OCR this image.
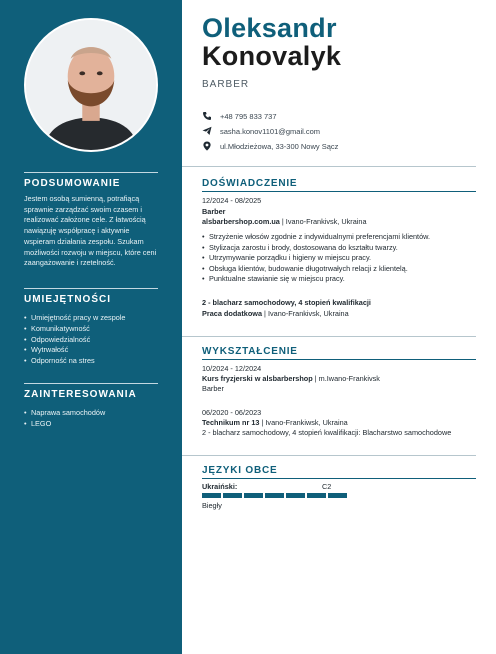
PODSUMOWANIE

Jestem osobą sumienną, potrafiącą sprawnie zarządzać swoim czasem i realizować założone cele. Z łatwością nawiązuję współpracę i aktywnie wspieram działania zespołu. Szukam możliwości rozwoju w miejscu, które ceni zaangażowanie i rzetelność.

UMIEJĘTNOŚCI
• Umiejętność pracy w zespole
• Komunikatywność
• Odpowiedzialność
• Wytrwałość
• Odporność na stres
ZAINTERESOWANIA
• Naprawa samochodów
• LEGO
Oleksandr
Konovalyk
BARBER
+48 795 833 737
sasha.konov1101@gmail.com
ul.Młodzieżowa, 33-300 Nowy Sącz
DOŚWIADCZENIE
12/2024 - 08/2025
Barber
alsbarbershop.com.ua | Ivano-Frankivsk, Ukraina
• Strzyżenie włosów zgodnie z indywidualnymi preferencjami klientów.
• Stylizacja zarostu i brody, dostosowana do kształtu twarzy.
• Utrzymywanie porządku i higieny w miejscu pracy.
• Obsługa klientów, budowanie długotrwałych relacji z klientelą.
• Punktualne stawianie się w miejscu pracy.
2 - blacharz samochodowy, 4 stopień kwalifikacji
Praca dodatkowa | Ivano-Frankivsk, Ukraina
WYKSZTAŁCENIE
10/2024 - 12/2024
Kurs fryzjerski w alsbarbershop | m.Iwano-Frankivsk
Barber
06/2020 - 06/2023
Technikum nr 13 | Ivano-Frankiwsk, Ukraina
2 - blacharz samochodowy, 4 stopień kwalifikacji: Blacharstwo samochodowe
JĘZYKI OBCE
Ukraiński:	C2
Biegły
